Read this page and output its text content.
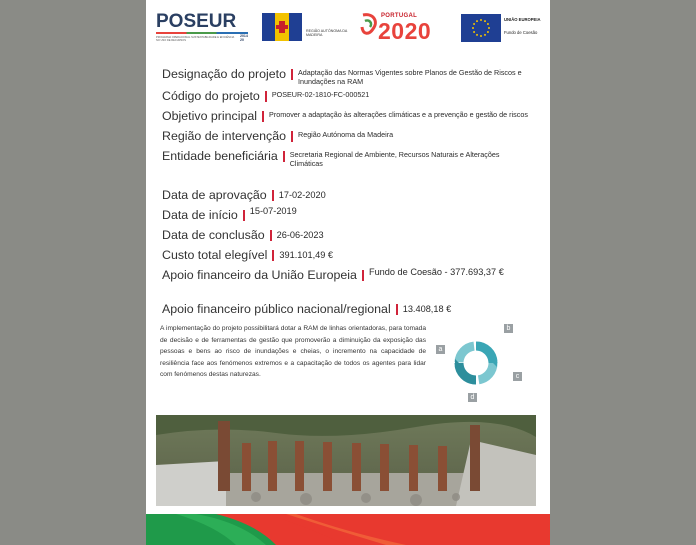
POSEUR
PROGRAMA OPERACIONAL SUSTENTABILIDADE E EFICIÊNCIA NO USO DE RECURSOS
2014 20
REGIÃO AUTÓNOMA DA MADEIRA
PORTUGAL
2020	UNIÃO EUROPEIA
Fundo de Coesão
Designação do projeto Adaptação das Normas Vigentes sobre Planos de Gestão de Riscos e Inundações na RAM
Código do projeto POSEUR-02-1810-FC-000521
Objetivo principal Promover a adaptação às alterações climáticas e a prevenção e gestão de riscos
Região de intervenção Região Autónoma da Madeira
Entidade beneficiária Secretaria Regional de Ambiente, Recursos Naturais e Alterações Climáticas
Data de aprovação 17-02-2020
Data de início 15-07-2019
Data de conclusão 26-06-2023
Custo total elegível 391.101,49 €
Apoio financeiro da União Europeia Fundo de Coesão - 377.693,37 €
Apoio financeiro público nacional/regional 13.408,18 €
A implementação do projeto possibilitará dotar a RAM de linhas orientadoras, para tomada de decisão e de ferramentas de gestão que promoverão a diminuição da exposição das pessoas e bens ao risco de inundações e cheias, o incremento na capacidade de resiliência face aos fenómenos extremos e a capacitação de todos os agentes para lidar com fenómenos destas naturezas.
a
b
c
d
